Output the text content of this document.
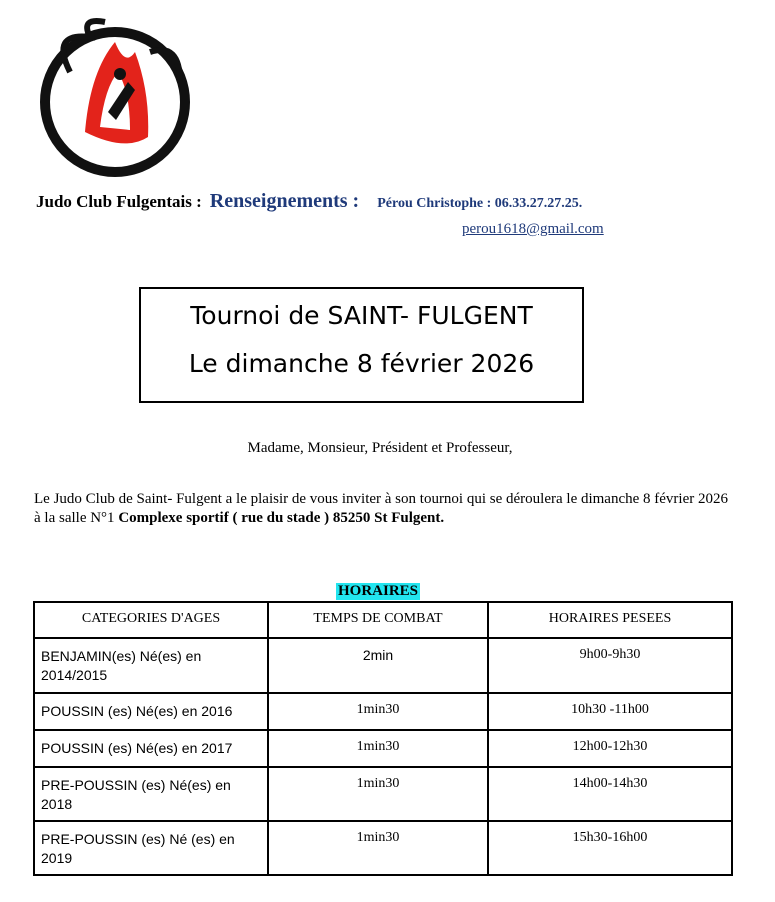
JUDO CLUB FULGENTAI
Judo Club Fulgentais : Renseignements : Pérou Christophe : 06.33.27.27.25.
perou1618@gmail.com
Tournoi de SAINT- FULGENT
Le dimanche 8 février 2026
Madame, Monsieur, Président et Professeur,
Le Judo Club de Saint- Fulgent a le plaisir de vous inviter à son tournoi qui se déroulera le dimanche 8 février 2026 à la salle N°1 Complexe sportif ( rue du stade ) 85250 St Fulgent.
HORAIRES
CATEGORIES D'AGES	TEMPS DE COMBAT	HORAIRES PESEES
BENJAMIN(es) Né(es) en 2014/2015	2min	9h00-9h30
POUSSIN (es) Né(es) en 2016	1min30	10h30 -11h00
POUSSIN (es) Né(es) en 2017	1min30	12h00-12h30
PRE-POUSSIN (es) Né(es) en 2018	1min30	14h00-14h30
PRE-POUSSIN (es) Né (es) en 2019	1min30	15h30-16h00
